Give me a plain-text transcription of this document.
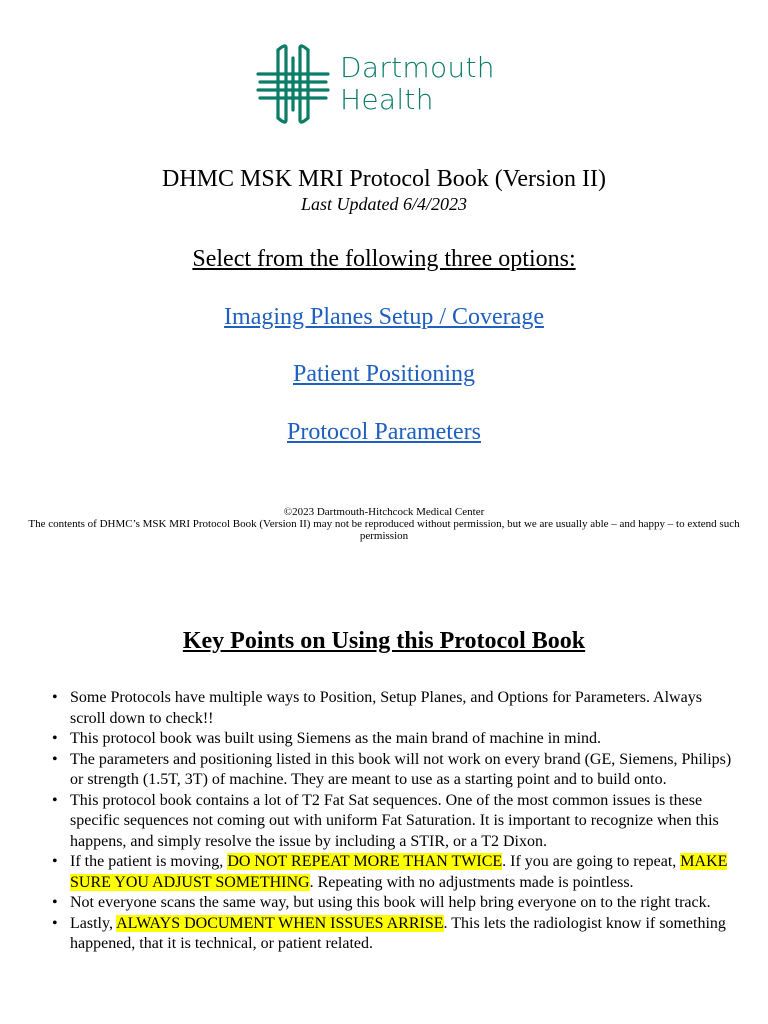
Dartmouth
Health
DHMC MSK MRI Protocol Book (Version II)
Last Updated 6/4/2023
Select from the following three options:
Imaging Planes Setup / Coverage
Patient Positioning
Protocol Parameters
©2023 Dartmouth-Hitchcock Medical Center
The contents of DHMC’s MSK MRI Protocol Book (Version II) may not be reproduced without permission, but we are usually able – and happy – to extend such permission
Key Points on Using this Protocol Book
• Some Protocols have multiple ways to Position, Setup Planes, and Options for Parameters. Always scroll down to check!!
• This protocol book was built using Siemens as the main brand of machine in mind.
• The parameters and positioning listed in this book will not work on every brand (GE, Siemens, Philips) or strength (1.5T, 3T) of machine. They are meant to use as a starting point and to build onto.
• This protocol book contains a lot of T2 Fat Sat sequences. One of the most common issues is these specific sequences not coming out with uniform Fat Saturation. It is important to recognize when this happens, and simply resolve the issue by including a STIR, or a T2 Dixon.
• If the patient is moving, DO NOT REPEAT MORE THAN TWICE. If you are going to repeat, MAKE SURE YOU ADJUST SOMETHING. Repeating with no adjustments made is pointless.
• Not everyone scans the same way, but using this book will help bring everyone on to the right track.
• Lastly, ALWAYS DOCUMENT WHEN ISSUES ARRISE. This lets the radiologist know if something happened, that it is technical, or patient related.
